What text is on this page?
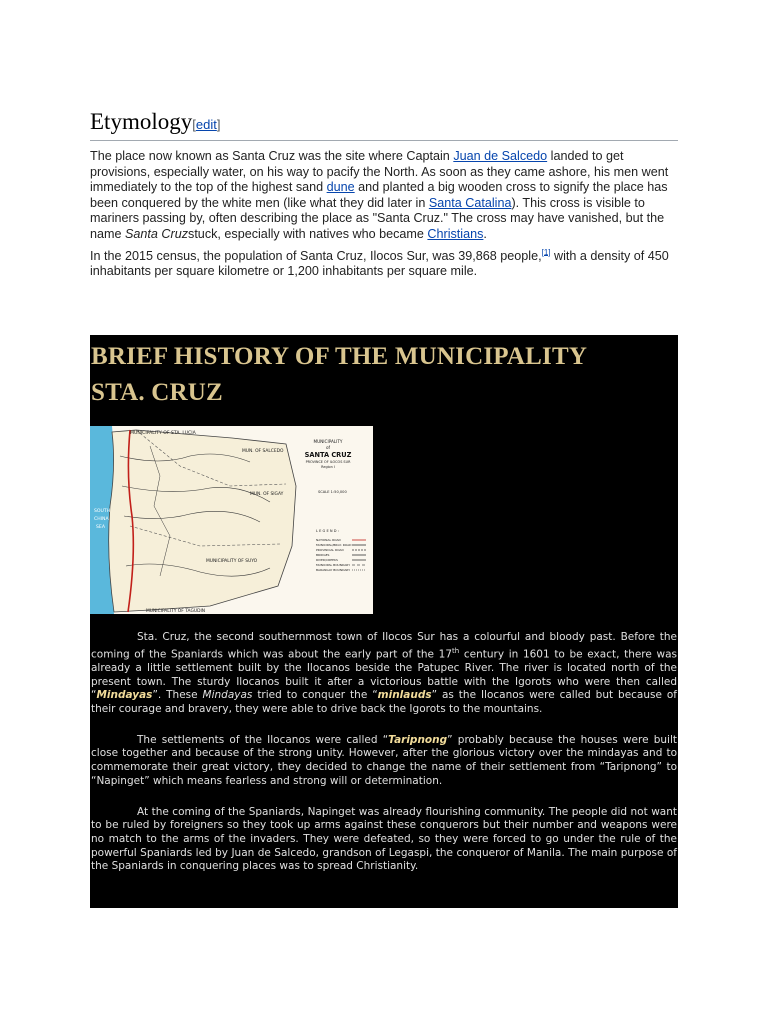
Etymology[edit]

The place now known as Santa Cruz was the site where Captain Juan de Salcedo landed to get provisions, especially water, on his way to pacify the North. As soon as they came ashore, his men went immediately to the top of the highest sand dune and planted a big wooden cross to signify the place has been conquered by the white men (like what they did later in Santa Catalina). This cross is visible to mariners passing by, often describing the place as "Santa Cruz." The cross may have vanished, but the name Santa Cruzstuck, especially with natives who became Christians.

In the 2015 census, the population of Santa Cruz, Ilocos Sur, was 39,868 people,[1] with a density of 450 inhabitants per square kilometre or 1,200 inhabitants per square mile.

BRIEF HISTORY OF THE MUNICIPALITY
STA. CRUZ
MUNICIPALITY OF STA. LUCIA
MUN. OF SALCEDO
MUN. OF SIGAY
MUNICIPALITY OF SUYO
MUNICIPALITY OF TAGUDIN
SOUTH
CHINA
SEA
MUNICIPALITY
of
SANTA CRUZ
PROVINCE OF ILOCOS SUR
Region I
SCALE 1:50,000
L E G E N D :
NATIONAL ROAD
MUNICIPAL/BRGY. ROAD
PROVINCIAL ROAD
BRIDGES
RIVER/CREEKS
MUNICIPAL BOUNDARY
BARANGAY BOUNDARY

Sta. Cruz, the second southernmost town of Ilocos Sur has a colourful and bloody past. Before the coming of the Spaniards which was about the early part of the 17th century in 1601 to be exact, there was already a little settlement built by the Ilocanos beside the Patupec River. The river is located north of the present town. The sturdy Ilocanos built it after a victorious battle with the Igorots who were then called “Mindayas”. These Mindayas tried to conquer the “minlauds” as the Ilocanos were called but because of their courage and bravery, they were able to drive back the Igorots to the mountains.

The settlements of the Ilocanos were called “Taripnong” probably because the houses were built close together and because of the strong unity. However, after the glorious victory over the mindayas and to commemorate their great victory, they decided to change the name of their settlement from “Taripnong” to “Napinget” which means fearless and strong will or determination.

At the coming of the Spaniards, Napinget was already flourishing community. The people did not want to be ruled by foreigners so they took up arms against these conquerors but their number and weapons were no match to the arms of the invaders. They were defeated, so they were forced to go under the rule of the powerful Spaniards led by Juan de Salcedo, grandson of Legaspi, the conqueror of Manila. The main purpose of the Spaniards in conquering places was to spread Christianity.
